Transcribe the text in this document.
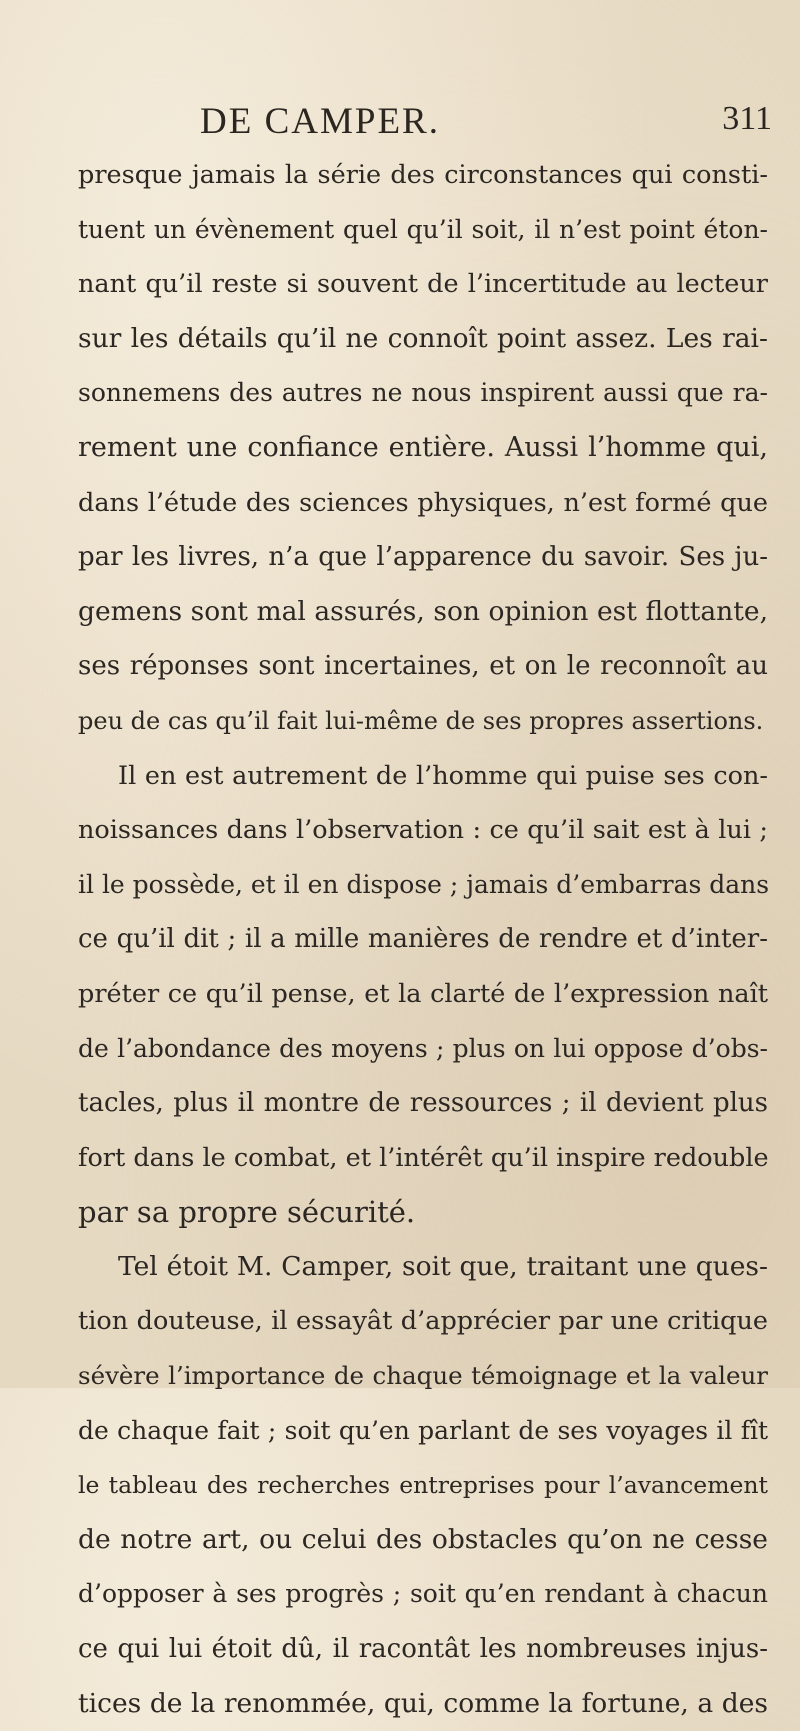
DE CAMPER.	311
presque jamais la série des circonstances qui consti-
tuent un évènement quel qu’il soit, il n’est point éton-
nant qu’il reste si souvent de l’incertitude au lecteur
sur les détails qu’il ne connoît point assez. Les rai-
sonnemens des autres ne nous inspirent aussi que ra-
rement une confiance entière. Aussi l’homme qui,
dans l’étude des sciences physiques, n’est formé que
par les livres, n’a que l’apparence du savoir. Ses ju-
gemens sont mal assurés, son opinion est flottante,
ses réponses sont incertaines, et on le reconnoît au
peu de cas qu’il fait lui-même de ses propres assertions.
Il en est autrement de l’homme qui puise ses con-
noissances dans l’observation : ce qu’il sait est à lui ;
il le possède, et il en dispose ; jamais d’embarras dans
ce qu’il dit ; il a mille manières de rendre et d’inter-
préter ce qu’il pense, et la clarté de l’expression naît
de l’abondance des moyens ; plus on lui oppose d’obs-
tacles, plus il montre de ressources ; il devient plus
fort dans le combat, et l’intérêt qu’il inspire redouble
par sa propre sécurité.
Tel étoit M. Camper, soit que, traitant une ques-
tion douteuse, il essayât d’apprécier par une critique
sévère l’importance de chaque témoignage et la valeur
de chaque fait ; soit qu’en parlant de ses voyages il fît
le tableau des recherches entreprises pour l’avancement
de notre art, ou celui des obstacles qu’on ne cesse
d’opposer à ses progrès ; soit qu’en rendant à chacun
ce qui lui étoit dû, il racontât les nombreuses injus-
tices de la renommée, qui, comme la fortune, a des
